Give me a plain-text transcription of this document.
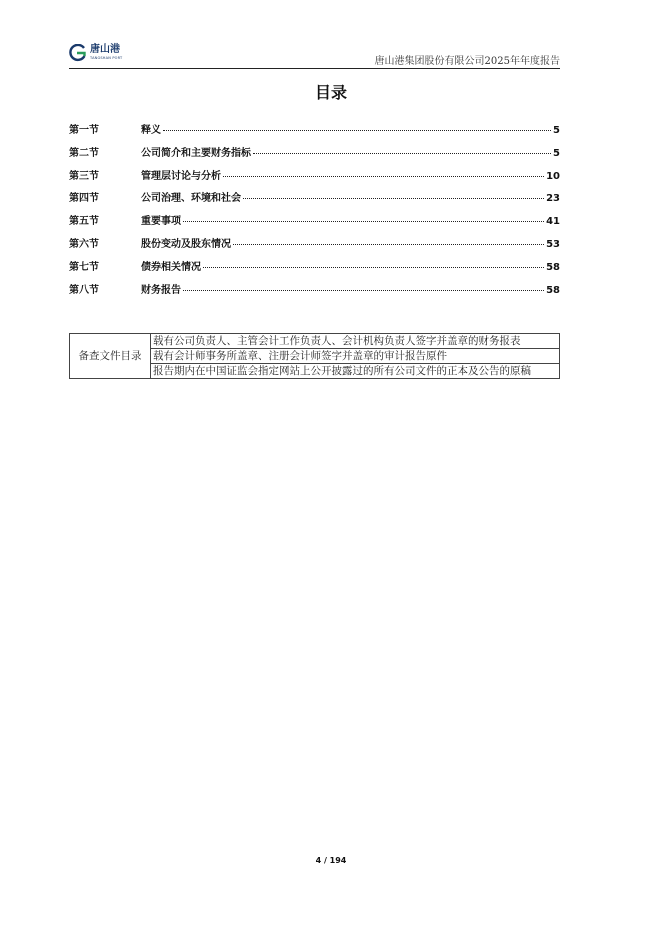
唐山港
TANGSHAN PORT	唐山港集团股份有限公司2025年年度报告
目录
第一节	释义	5
第二节	公司简介和主要财务指标	5
第三节	管理层讨论与分析	10
第四节	公司治理、环境和社会	23
第五节	重要事项	41
第六节	股份变动及股东情况	53
第七节	债券相关情况	58
第八节	财务报告	58
备查文件目录	载有公司负责人、主管会计工作负责人、会计机构负责人签字并盖章的财务报表
载有会计师事务所盖章、注册会计师签字并盖章的审计报告原件
报告期内在中国证监会指定网站上公开披露过的所有公司文件的正本及公告的原稿
4 / 194
